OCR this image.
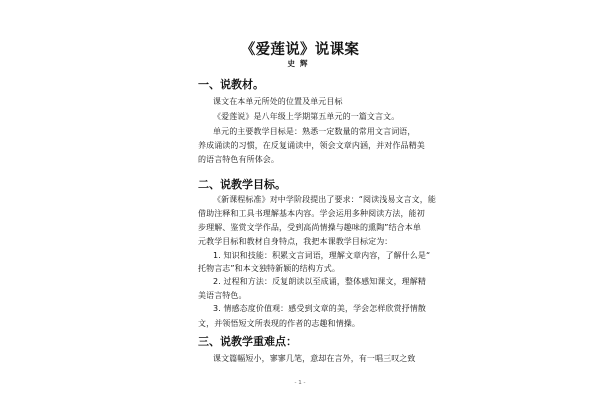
《爱莲说》说课案
史辉
一、说教材。
课文在本单元所处的位置及单元目标
《爱莲说》是八年级上学期第五单元的一篇文言文。
单元的主要教学目标是：熟悉一定数量的常用文言词语，
养成诵读的习惯，在反复诵读中，领会文章内涵，并对作品精美
的语言特色有所体会。
二、说教学目标。
《新课程标准》对中学阶段提出了要求：“阅读浅易文言文，能
借助注释和工具书理解基本内容。学会运用多种阅读方法，能初
步理解、鉴赏文学作品，受到高尚情操与趣味的熏陶”结合本单
元教学目标和教材自身特点，我把本课教学目标定为：
1. 知识和技能：积累文言词语，理解文章内容，了解什么是“
托物言志”和本文独特新颖的结构方式。
2. 过程和方法：反复朗读以至成诵，整体感知课文，理解精
美语言特色。
3. 情感态度价值观：感受到文章的美，学会怎样欣赏抒情散
文，并领悟短文所表现的作者的志趣和情操。
三、说教学重难点：
课文篇幅短小，寥寥几笔，意却在言外，有一唱三叹之致
- 1 -
